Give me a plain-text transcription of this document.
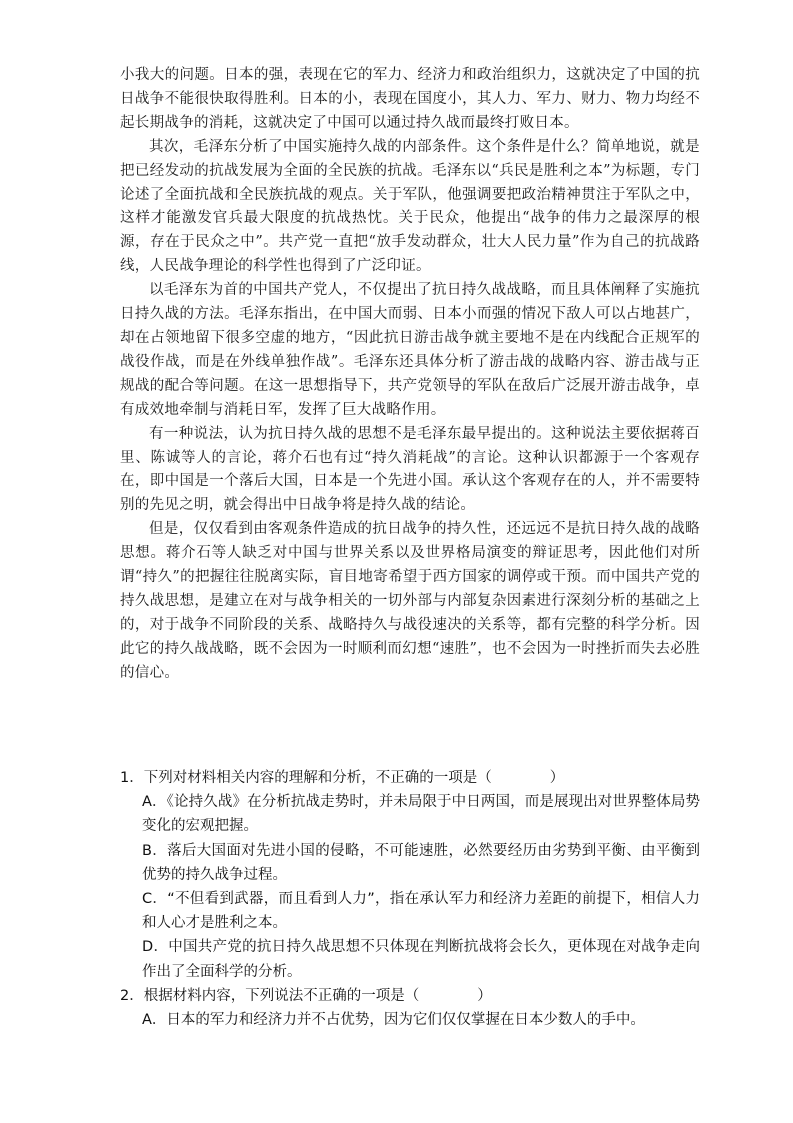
小我大的问题。日本的强，表现在它的军力、经济力和政治组织力，这就决定了中国的抗日战争不能很快取得胜利。日本的小，表现在国度小，其人力、军力、财力、物力均经不起长期战争的消耗，这就决定了中国可以通过持久战而最终打败日本。

其次，毛泽东分析了中国实施持久战的内部条件。这个条件是什么？简单地说，就是把已经发动的抗战发展为全面的全民族的抗战。毛泽东以“兵民是胜利之本”为标题，专门论述了全面抗战和全民族抗战的观点。关于军队，他强调要把政治精神贯注于军队之中，这样才能激发官兵最大限度的抗战热忱。关于民众，他提出“战争的伟力之最深厚的根源，存在于民众之中”。共产党一直把“放手发动群众，壮大人民力量”作为自己的抗战路线，人民战争理论的科学性也得到了广泛印证。

以毛泽东为首的中国共产党人，不仅提出了抗日持久战战略，而且具体阐释了实施抗日持久战的方法。毛泽东指出，在中国大而弱、日本小而强的情况下敌人可以占地甚广，却在占领地留下很多空虚的地方，“因此抗日游击战争就主要地不是在内线配合正规军的战役作战，而是在外线单独作战”。毛泽东还具体分析了游击战的战略内容、游击战与正规战的配合等问题。在这一思想指导下，共产党领导的军队在敌后广泛展开游击战争，卓有成效地牵制与消耗日军，发挥了巨大战略作用。

有一种说法，认为抗日持久战的思想不是毛泽东最早提出的。这种说法主要依据蒋百里、陈诚等人的言论，蒋介石也有过“持久消耗战”的言论。这种认识都源于一个客观存在，即中国是一个落后大国，日本是一个先进小国。承认这个客观存在的人，并不需要特别的先见之明，就会得出中日战争将是持久战的结论。

但是，仅仅看到由客观条件造成的抗日战争的持久性，还远远不是抗日持久战的战略思想。蒋介石等人缺乏对中国与世界关系以及世界格局演变的辩证思考，因此他们对所谓“持久”的把握往往脱离实际，盲目地寄希望于西方国家的调停或干预。而中国共产党的持久战思想，是建立在对与战争相关的一切外部与内部复杂因素进行深刻分析的基础之上的，对于战争不同阶段的关系、战略持久与战役速决的关系等，都有完整的科学分析。因此它的持久战战略，既不会因为一时顺利而幻想“速胜”，也不会因为一时挫折而失去必胜的信心。

1．下列对材料相关内容的理解和分析，不正确的一项是（　　　　）

A．《论持久战》在分析抗战走势时，并未局限于中日两国，而是展现出对世界整体局势变化的宏观把握。

B．落后大国面对先进小国的侵略，不可能速胜，必然要经历由劣势到平衡、由平衡到优势的持久战争过程。

C．“不但看到武器，而且看到人力”，指在承认军力和经济力差距的前提下，相信人力和人心才是胜利之本。

D．中国共产党的抗日持久战思想不只体现在判断抗战将会长久，更体现在对战争走向作出了全面科学的分析。

2．根据材料内容，下列说法不正确的一项是（　　　　）

A．日本的军力和经济力并不占优势，因为它们仅仅掌握在日本少数人的手中。
